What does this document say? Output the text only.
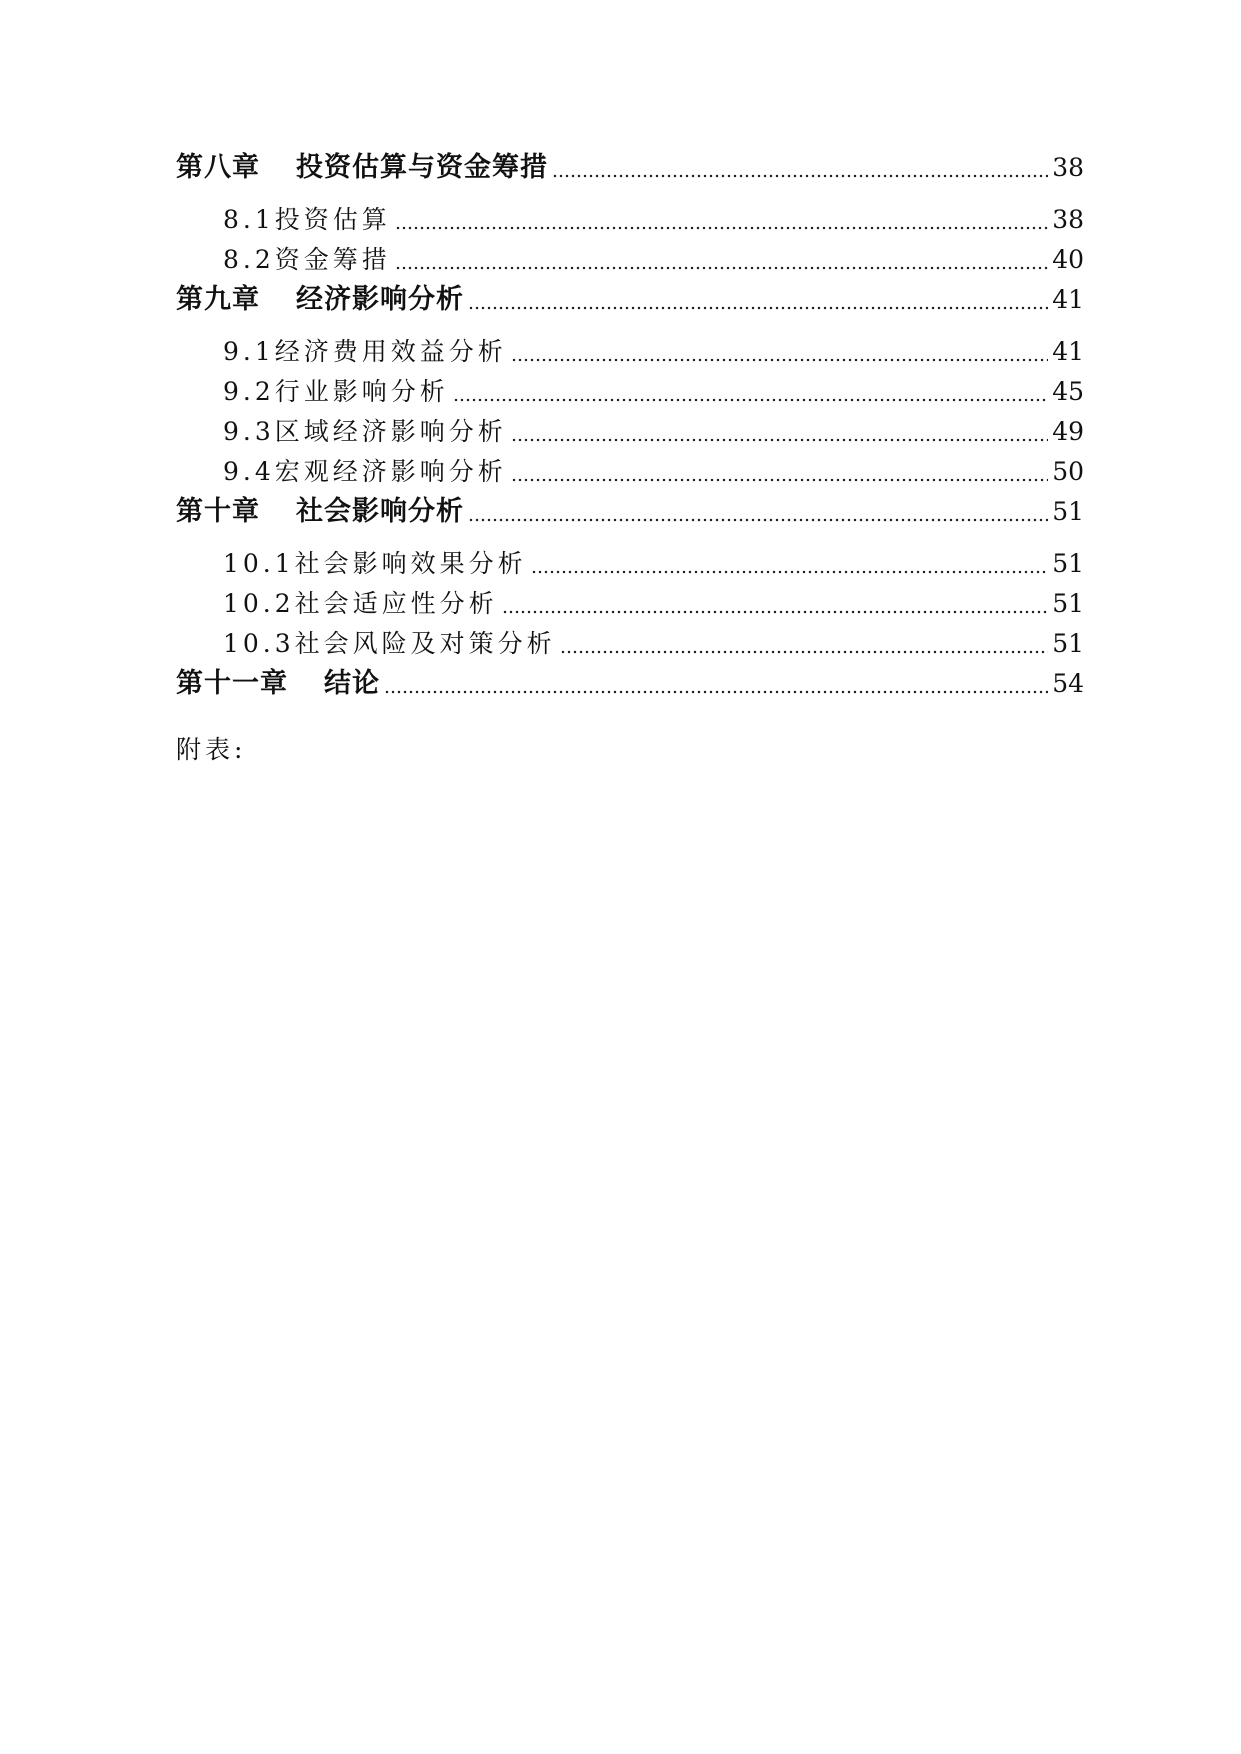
第八章 投资估算与资金筹措	38
8.1 投资估算	38
8.2 资金筹措	40
第九章 经济影响分析	41
9.1 经济费用效益分析	41
9.2 行业影响分析	45
9.3 区域经济影响分析	49
9.4 宏观经济影响分析	50
第十章 社会影响分析	51
10.1 社会影响效果分析	51
10.2 社会适应性分析	51
10.3 社会风险及对策分析	51
第十一章 结论	54
附表:
